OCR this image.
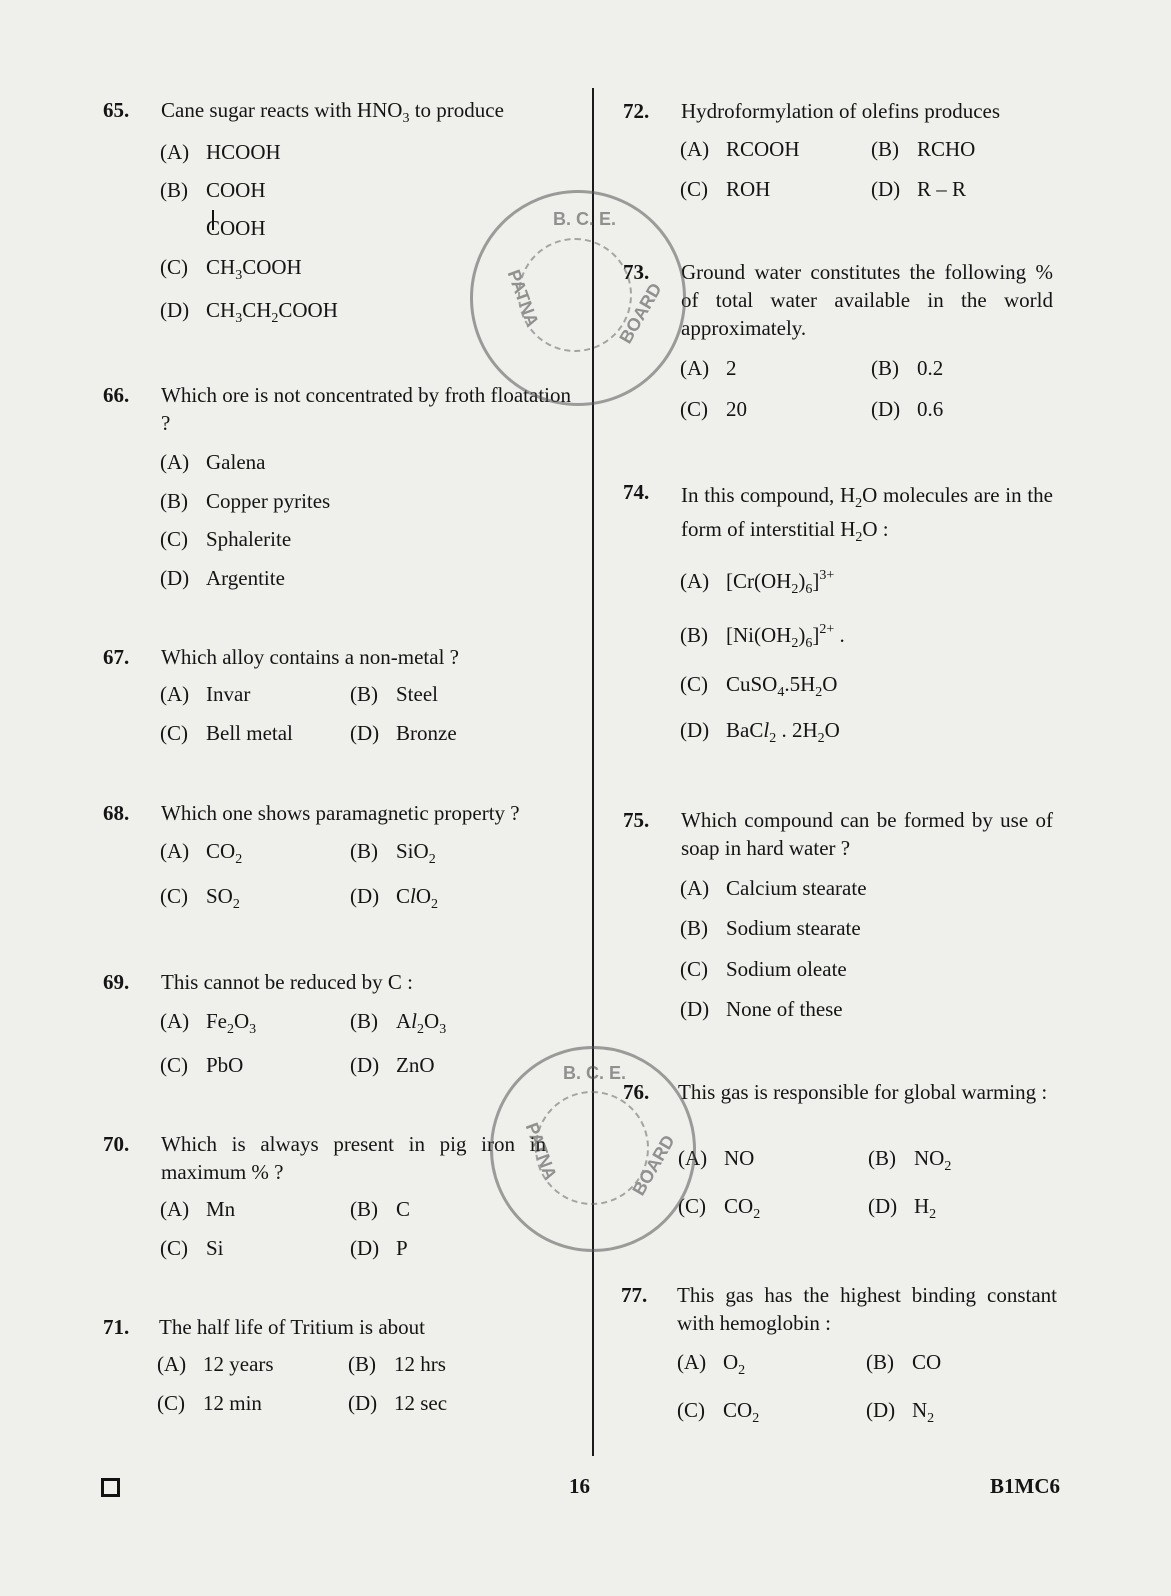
65. Cane sugar reacts with $HNO_3$ to produce
(A) HCOOH
(B) COOH
COOH
(C) $CH_3COOH$
(D) $CH_3CH_2COOH$
66. Which ore is not concentrated by froth floatation ?
(A) Galena
(B) Copper pyrites
(C) Sphalerite
(D) Argentite
67. Which alloy contains a non-metal ?
(A) Invar	(B) Steel
(C) Bell metal	(D) Bronze
68. Which one shows paramagnetic property ?
(A) $CO_2$	(B) SiO$_2$
(C) $SO_2$	(D) ClO$_2$
69. This cannot be reduced by C :
(A) $Fe_2O_3$	(B) $Al_2O_3$
(C) PbO	(D) ZnO
70. Which is always present in pig iron in maximum % ?
(A) Mn	(B) C
(C) Si	(D) P
71. The half life of Tritium is about
(A) 12 years	(B) 12 hrs
(C) 12 min	(D) 12 sec
72. Hydroformylation of olefins produces
(A) RCOOH	(B) RCHO
(C) ROH	(D) R – R
73. Ground water constitutes the following % of total water available in the world approximately.
(A) 2	(B) 0.2
(C) 20	(D) 0.6
74. In this compound, $H_2O$ molecules are in the form of interstitial $H_2O$ :
(A) $[Cr(OH_2)_6]^{3+}$
(B) $[Ni(OH_2)_6]^{2+}$ .
(C) $CuSO_4.5H_2O$
(D) BaCl$_2$ . $2H_2O$
75. Which compound can be formed by use of soap in hard water ?
(A) Calcium stearate
(B) Sodium stearate
(C) Sodium oleate
(D) None of these
76. This gas is responsible for global warming :
(A) NO	(B) $NO_2$
(C) $CO_2$	(D) $H_2$
77. This gas has the highest binding constant with hemoglobin :
(A) $O_2$	(B) CO
(C) $CO_2$	(D) $N_2$
B. C. E.
PATNA	BOARD
B. C. E.
PATNA	BOARD
16	B1MC6
